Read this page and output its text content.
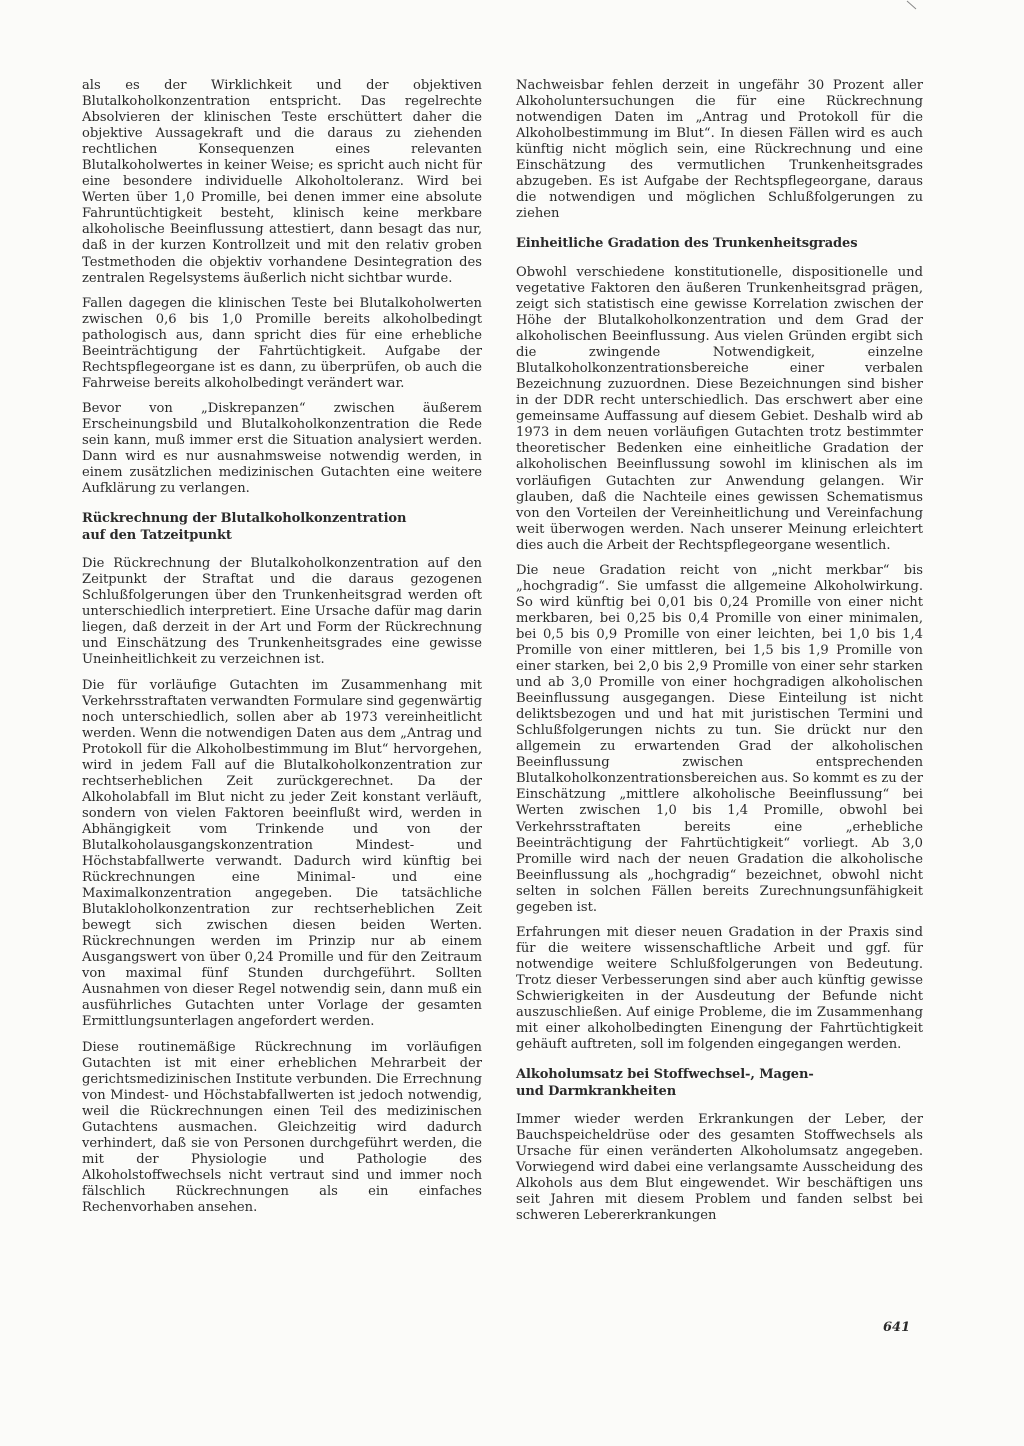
als es der Wirklichkeit und der objektiven Blutalkoholkonzentration entspricht. Das regelrechte Absolvieren der klinischen Teste erschüttert daher die objektive Aussagekraft und die daraus zu ziehenden rechtlichen Konsequenzen eines relevanten Blutalkoholwertes in keiner Weise; es spricht auch nicht für eine besondere individuelle Alkoholtoleranz. Wird bei Werten über 1,0 Promille, bei denen immer eine absolute Fahruntüchtigkeit besteht, klinisch keine merkbare alkoholische Beeinflussung attestiert, dann besagt das nur, daß in der kurzen Kontrollzeit und mit den relativ groben Testmethoden die objektiv vorhandene Desintegration des zentralen Regelsystems äußerlich nicht sichtbar wurde.

Fallen dagegen die klinischen Teste bei Blutalkoholwerten zwischen 0,6 bis 1,0 Promille bereits alkoholbedingt pathologisch aus, dann spricht dies für eine erhebliche Beeinträchtigung der Fahrtüchtigkeit. Aufgabe der Rechtspflegeorgane ist es dann, zu überprüfen, ob auch die Fahrweise bereits alkoholbedingt verändert war.

Bevor von „Diskrepanzen“ zwischen äußerem Erscheinungsbild und Blutalkoholkonzentration die Rede sein kann, muß immer erst die Situation analysiert werden. Dann wird es nur ausnahmsweise notwendig werden, in einem zusätzlichen medizinischen Gutachten eine weitere Aufklärung zu verlangen.

Rückrechnung der Blutalkoholkonzentration
auf den Tatzeitpunkt

Die Rückrechnung der Blutalkoholkonzentration auf den Zeitpunkt der Straftat und die daraus gezogenen Schlußfolgerungen über den Trunkenheitsgrad werden oft unterschiedlich interpretiert. Eine Ursache dafür mag darin liegen, daß derzeit in der Art und Form der Rückrechnung und Einschätzung des Trunkenheitsgrades eine gewisse Uneinheitlichkeit zu verzeichnen ist.

Die für vorläufige Gutachten im Zusammenhang mit Verkehrsstraftaten verwandten Formulare sind gegenwärtig noch unterschiedlich, sollen aber ab 1973 vereinheitlicht werden. Wenn die notwendigen Daten aus dem „Antrag und Protokoll für die Alkoholbestimmung im Blut“ hervorgehen, wird in jedem Fall auf die Blutalkoholkonzentration zur rechtserheblichen Zeit zurückgerechnet. Da der Alkoholabfall im Blut nicht zu jeder Zeit konstant verläuft, sondern von vielen Faktoren beeinflußt wird, werden in Abhängigkeit vom Trinkende und von der Blutalkoholausgangskonzentration Mindest- und Höchstabfallwerte verwandt. Dadurch wird künftig bei Rückrechnungen eine Minimal- und eine Maximalkonzentration angegeben. Die tatsächliche Blutakloholkonzentration zur rechtserheblichen Zeit bewegt sich zwischen diesen beiden Werten. Rückrechnungen werden im Prinzip nur ab einem Ausgangswert von über 0,24 Promille und für den Zeitraum von maximal fünf Stunden durchgeführt. Sollten Ausnahmen von dieser Regel notwendig sein, dann muß ein ausführliches Gutachten unter Vorlage der gesamten Ermittlungsunterlagen angefordert werden.

Diese routinemäßige Rückrechnung im vorläufigen Gutachten ist mit einer erheblichen Mehrarbeit der gerichtsmedizinischen Institute verbunden. Die Errechnung von Mindest- und Höchstabfallwerten ist jedoch notwendig, weil die Rückrechnungen einen Teil des medizinischen Gutachtens ausmachen. Gleichzeitig wird dadurch verhindert, daß sie von Personen durchgeführt werden, die mit der Physiologie und Pathologie des Alkoholstoffwechsels nicht vertraut sind und immer noch fälschlich Rückrechnungen als ein einfaches Rechenvorhaben ansehen.

Nachweisbar fehlen derzeit in ungefähr 30 Prozent aller Alkoholuntersuchungen die für eine Rückrechnung notwendigen Daten im „Antrag und Protokoll für die Alkoholbestimmung im Blut“. In diesen Fällen wird es auch künftig nicht möglich sein, eine Rückrechnung und eine Einschätzung des vermutlichen Trunkenheitsgrades abzugeben. Es ist Aufgabe der Rechtspflegeorgane, daraus die notwendigen und möglichen Schlußfolgerungen zu ziehen

Einheitliche Gradation des Trunkenheitsgrades

Obwohl verschiedene konstitutionelle, dispositionelle und vegetative Faktoren den äußeren Trunkenheitsgrad prägen, zeigt sich statistisch eine gewisse Korrelation zwischen der Höhe der Blutalkoholkonzentration und dem Grad der alkoholischen Beeinflussung. Aus vielen Gründen ergibt sich die zwingende Notwendigkeit, einzelne Blutalkoholkonzentrationsbereiche einer verbalen Bezeichnung zuzuordnen. Diese Bezeichnungen sind bisher in der DDR recht unterschiedlich. Das erschwert aber eine gemeinsame Auffassung auf diesem Gebiet. Deshalb wird ab 1973 in dem neuen vorläufigen Gutachten trotz bestimmter theoretischer Bedenken eine einheitliche Gradation der alkoholischen Beeinflussung sowohl im klinischen als im vorläufigen Gutachten zur Anwendung gelangen. Wir glauben, daß die Nachteile eines gewissen Schematismus von den Vorteilen der Vereinheitlichung und Vereinfachung weit überwogen werden. Nach unserer Meinung erleichtert dies auch die Arbeit der Rechtspflegeorgane wesentlich.

Die neue Gradation reicht von „nicht merkbar“ bis „hochgradig“. Sie umfasst die allgemeine Alkoholwirkung. So wird künftig bei 0,01 bis 0,24 Promille von einer nicht merkbaren, bei 0,25 bis 0,4 Promille von einer minimalen, bei 0,5 bis 0,9 Promille von einer leichten, bei 1,0 bis 1,4 Promille von einer mittleren, bei 1,5 bis 1,9 Promille von einer starken, bei 2,0 bis 2,9 Promille von einer sehr starken und ab 3,0 Promille von einer hochgradigen alkoholischen Beeinflussung ausgegangen. Diese Einteilung ist nicht deliktsbezogen und und hat mit juristischen Termini und Schlußfolgerungen nichts zu tun. Sie drückt nur den allgemein zu erwartenden Grad der alkoholischen Beeinflussung zwischen entsprechenden Blutalkoholkonzentrationsbereichen aus. So kommt es zu der Einschätzung „mittlere alkoholische Beeinflussung“ bei Werten zwischen 1,0 bis 1,4 Promille, obwohl bei Verkehrsstraftaten bereits eine „erhebliche Beeinträchtigung der Fahrtüchtigkeit“ vorliegt. Ab 3,0 Promille wird nach der neuen Gradation die alkoholische Beeinflussung als „hochgradig“ bezeichnet, obwohl nicht selten in solchen Fällen bereits Zurechnungsunfähigkeit gegeben ist.

Erfahrungen mit dieser neuen Gradation in der Praxis sind für die weitere wissenschaftliche Arbeit und ggf. für notwendige weitere Schlußfolgerungen von Bedeutung. Trotz dieser Verbesserungen sind aber auch künftig gewisse Schwierigkeiten in der Ausdeutung der Befunde nicht auszuschließen. Auf einige Probleme, die im Zusammenhang mit einer alkoholbedingten Einengung der Fahrtüchtigkeit gehäuft auftreten, soll im folgenden eingegangen werden.

Alkoholumsatz bei Stoffwechsel-, Magen-
und Darmkrankheiten

Immer wieder werden Erkrankungen der Leber, der Bauchspeicheldrüse oder des gesamten Stoffwechsels als Ursache für einen veränderten Alkoholumsatz angegeben. Vorwiegend wird dabei eine verlangsamte Ausscheidung des Alkohols aus dem Blut eingewendet. Wir beschäftigen uns seit Jahren mit diesem Problem und fanden selbst bei schweren Lebererkrankungen

641
